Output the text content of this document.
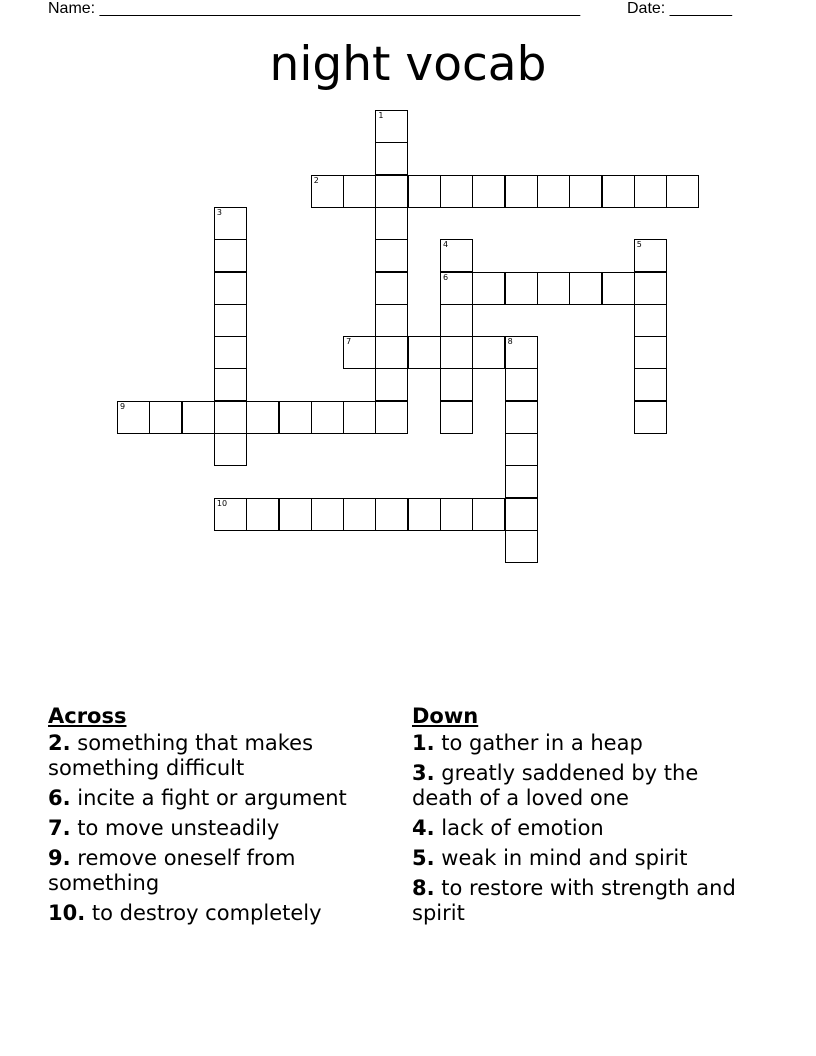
Name: ______________________________________________________	Date: _______
night vocab
1
2
3
4
6
5
7	8
9
10
Across
2. something that makes something difficult
6. incite a fight or argument
7. to move unsteadily
9. remove oneself from something
10. to destroy completely
Down
1. to gather in a heap
3. greatly saddened by the death of a loved one
4. lack of emotion
5. weak in mind and spirit
8. to restore with strength and spirit
